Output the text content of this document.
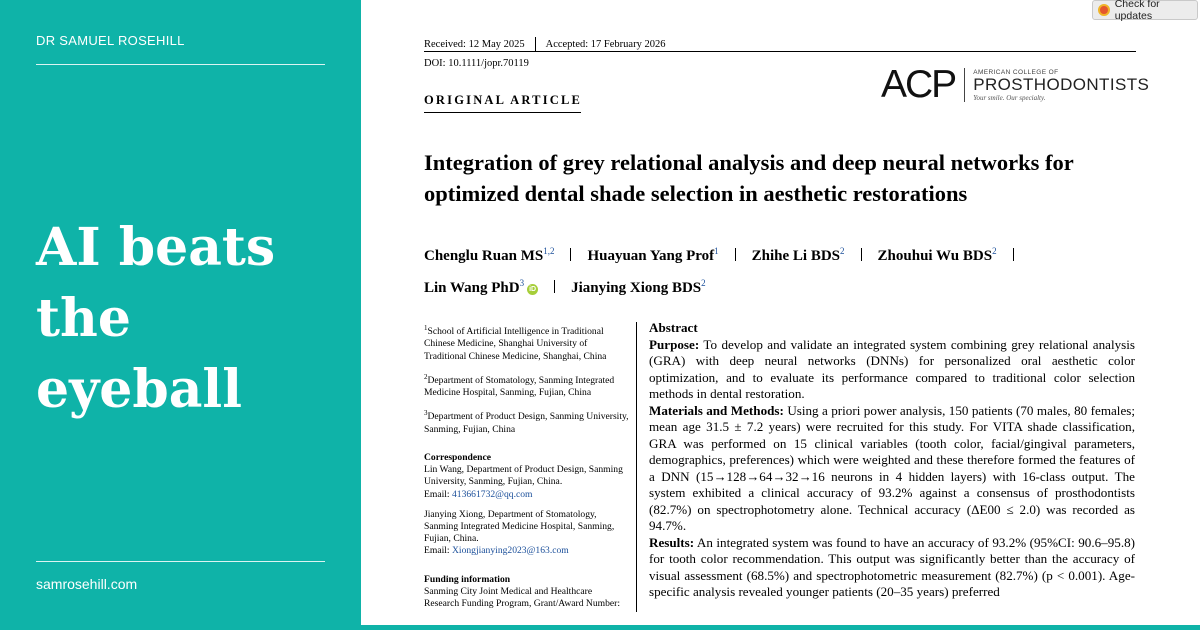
DR SAMUEL ROSEHILL
AI beats
the
eyeball
samrosehill.com
Received: 12 May 2025 Accepted: 17 February 2026
DOI: 10.1111/jopr.70119
ORIGINAL ARTICLE
Check for updates
ACP	AMERICAN COLLEGE OF
PROSTHODONTISTS
Your smile. Our specialty.
Integration of grey relational analysis and deep neural networks for optimized dental shade selection in aesthetic restorations
Chenglu Ruan MS$^{1,2}$ Huayuan Yang Prof$^1$ Zhihe Li BDS$^2$ Zhouhui Wu BDS$^2$
Lin Wang PhD$^3$iD Jianying Xiong BDS$^2$

$^1$School of Artificial Intelligence in Traditional Chinese Medicine, Shanghai University of Traditional Chinese Medicine, Shanghai, China

$^2$Department of Stomatology, Sanming Integrated Medicine Hospital, Sanming, Fujian, China

$^3$Department of Product Design, Sanming University, Sanming, Fujian, China

Correspondence
Lin Wang, Department of Product Design, Sanming University, Sanming, Fujian, China.
Email: 413661732@qq.com

Jianying Xiong, Department of Stomatology, Sanming Integrated Medicine Hospital, Sanming, Fujian, China.
Email: Xiongjianying2023@163.com

Funding information
Sanming City Joint Medical and Healthcare Research Funding Program, Grant/Award Number:

Abstract

Purpose: To develop and validate an integrated system combining grey relational analysis (GRA) with deep neural networks (DNNs) for personalized oral aesthetic color optimization, and to evaluate its performance compared to traditional color selection methods in dental restoration.

Materials and Methods: Using a priori power analysis, 150 patients (70 males, 80 females; mean age 31.5 ± 7.2 years) were recruited for this study. For VITA shade classification, GRA was performed on 15 clinical variables (tooth color, facial/gingival parameters, demographics, preferences) which were weighted and these therefore formed the features of a DNN (15→128→64→32→16 neurons in 4 hidden layers) with 16-class output. The system exhibited a clinical accuracy of 93.2% against a consensus of prosthodontists (82.7%) on spectrophotometry alone. Technical accuracy (ΔE00 ≤ 2.0) was recorded as 94.7%.

Results: An integrated system was found to have an accuracy of 93.2% (95%CI: 90.6–95.8) for tooth color recommendation. This output was significantly better than the accuracy of visual assessment (68.5%) and spectrophotometric measurement (82.7%) (p < 0.001). Age-specific analysis revealed younger patients (20–35 years) preferred
